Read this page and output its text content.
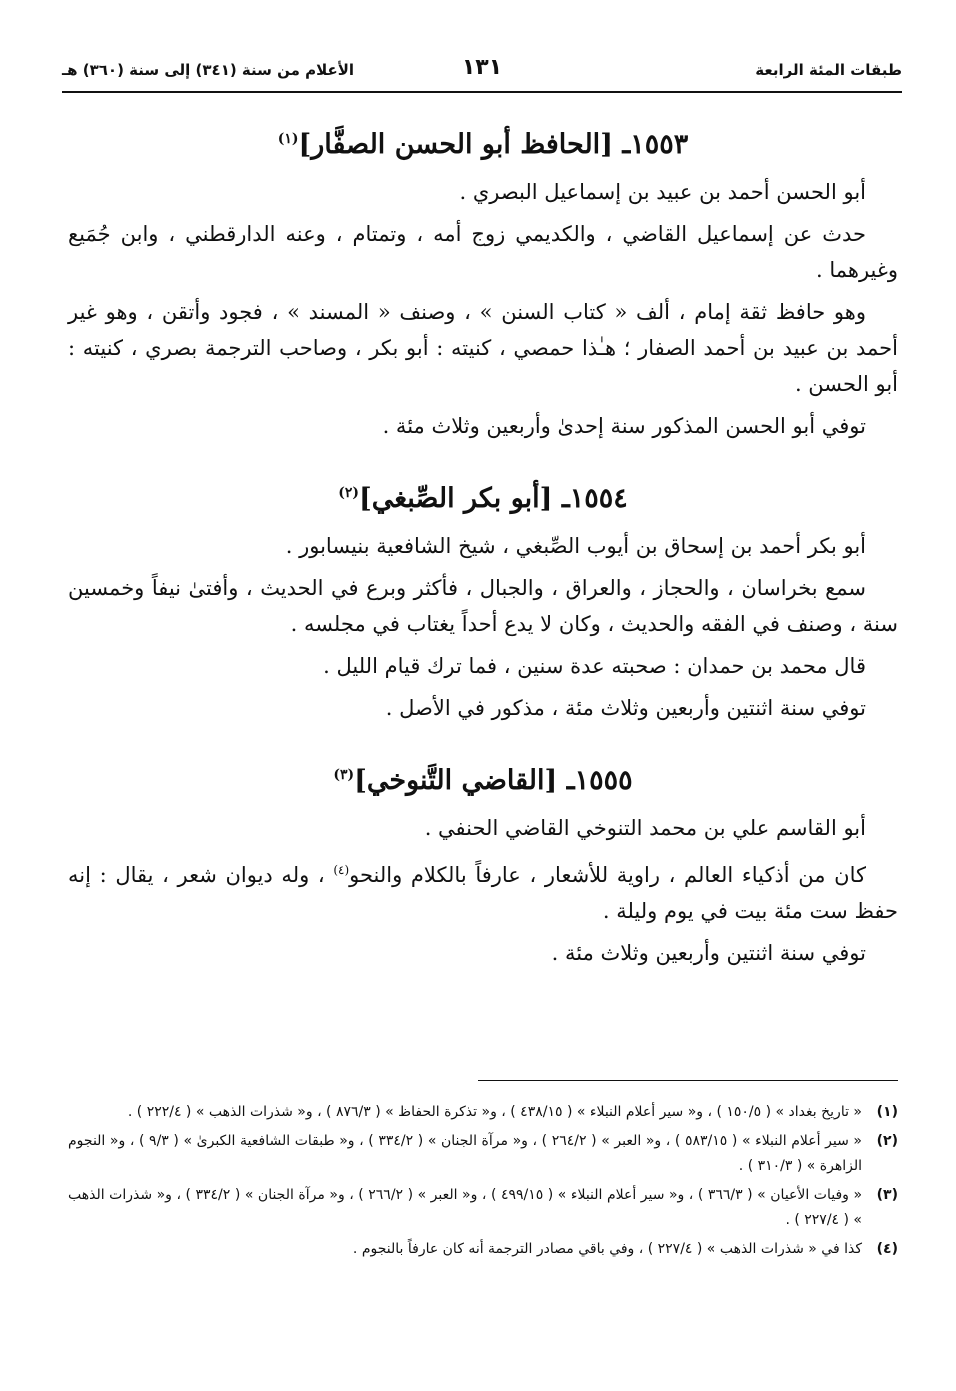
طبقات المئة الرابعة
١٣١
الأعلام من سنة (٣٤١) إلى سنة (٣٦٠) هـ
١٥٥٣ـ [الحافظ أبو الحسن الصفَّار]$^{(١)}$

أبو الحسن أحمد بن عبيد بن إسماعيل البصري .

حدث عن إسماعيل القاضي ، والكديمي زوج أمه ، وتمتام ، وعنه الدارقطني ، وابن جُمَيع وغيرهما .

وهو حافظ ثقة إمام ، ألف « كتاب السنن » ، وصنف « المسند » ، فجود وأتقن ، وهو غير أحمد بن عبيد بن أحمد الصفار ؛ هـٰذا حمصي ، كنيته : أبو بكر ، وصاحب الترجمة بصري ، كنيته : أبو الحسن .

توفي أبو الحسن المذكور سنة إحدىٰ وأربعين وثلاث مئة .

١٥٥٤ـ [أبو بكر الصِّبغي]$^{(٢)}$

أبو بكر أحمد بن إسحاق بن أيوب الصِّبغي ، شيخ الشافعية بنيسابور .

سمع بخراسان ، والحجاز ، والعراق ، والجبال ، فأكثر وبرع في الحديث ، وأفتىٰ نيفاً وخمسين سنة ، وصنف في الفقه والحديث ، وكان لا يدع أحداً يغتاب في مجلسه .

قال محمد بن حمدان : صحبته عدة سنين ، فما ترك قيام الليل .

توفي سنة اثنتين وأربعين وثلاث مئة ، مذكور في الأصل .

١٥٥٥ـ [القاضي التَّنوخي]$^{(٣)}$

أبو القاسم علي بن محمد التنوخي القاضي الحنفي .

كان من أذكياء العالم ، راوية للأشعار ، عارفاً بالكلام والنحو$^{(٤)}$ ، وله ديوان شعر ، يقال : إنه حفظ ست مئة بيت في يوم وليلة .

توفي سنة اثنتين وأربعين وثلاث مئة .

(١)
« تاريخ بغداد » ( ١٥٠/٥ ) ، و« سير أعلام النبلاء » ( ٤٣٨/١٥ ) ، و« تذكرة الحفاظ » ( ٨٧٦/٣ ) ، و« شذرات الذهب » ( ٢٢٢/٤ ) .
(٢)
« سير أعلام النبلاء » ( ٥٨٣/١٥ ) ، و« العبر » ( ٢٦٤/٢ ) ، و« مرآة الجنان » ( ٣٣٤/٢ ) ، و« طبقات الشافعية الكبرىٰ » ( ٩/٣ ) ، و« النجوم الزاهرة » ( ٣١٠/٣ ) .
(٣)
« وفيات الأعيان » ( ٣٦٦/٣ ) ، و« سير أعلام النبلاء » ( ٤٩٩/١٥ ) ، و« العبر » ( ٢٦٦/٢ ) ، و« مرآة الجنان » ( ٣٣٤/٢ ) ، و« شذرات الذهب » ( ٢٢٧/٤ ) .
(٤)
كذا في « شذرات الذهب » ( ٢٢٧/٤ ) ، وفي باقي مصادر الترجمة أنه كان عارفاً بالنجوم .
